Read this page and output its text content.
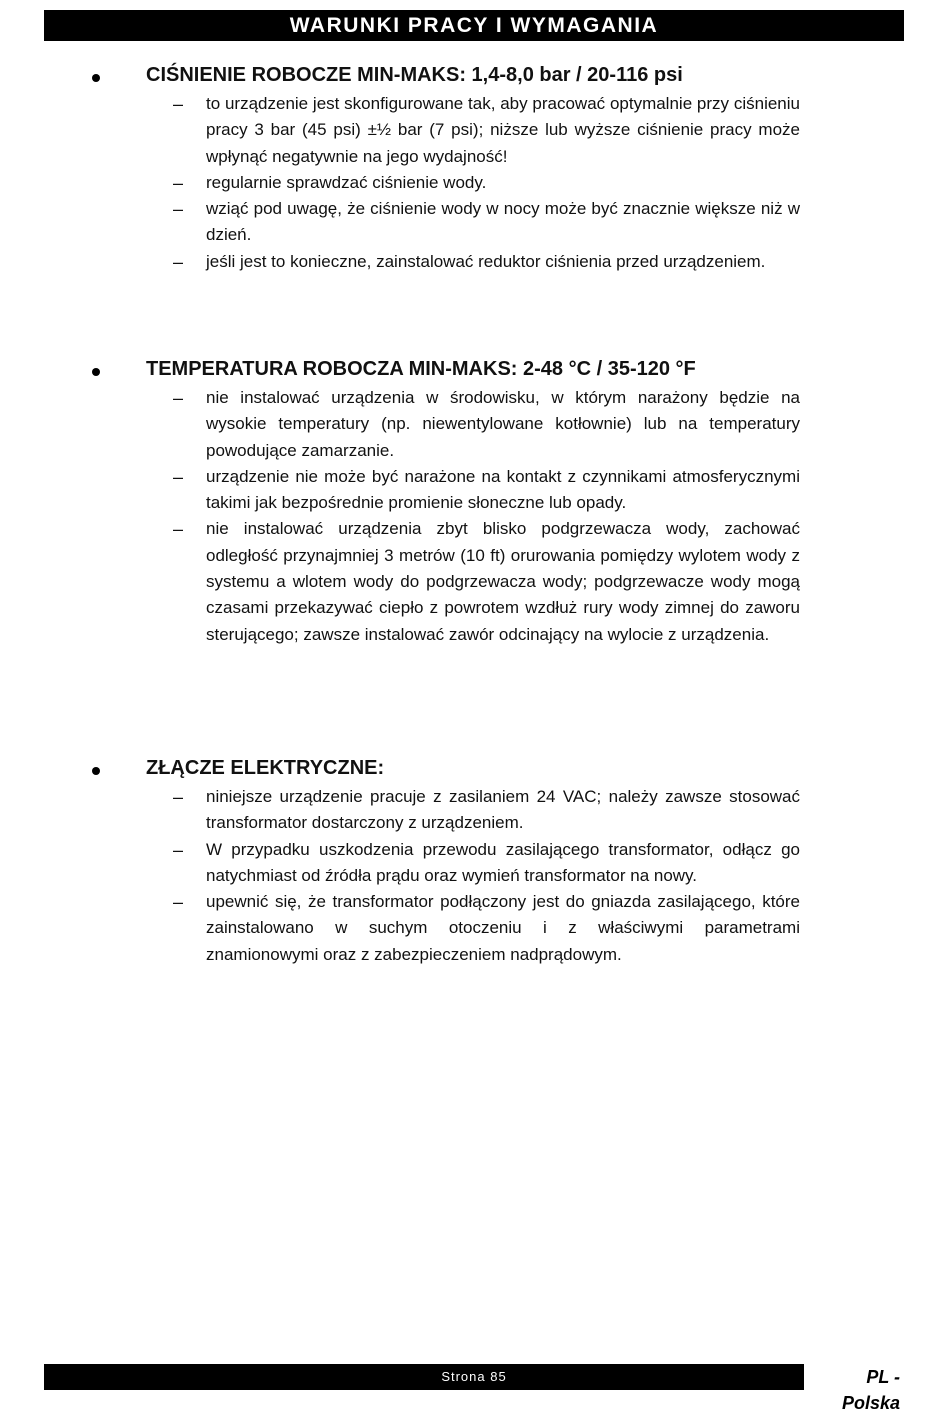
WARUNKI PRACY I WYMAGANIA
CIŚNIENIE ROBOCZE MIN-MAKS: 1,4-8,0 bar / 20-116 psi
– to urządzenie jest skonfigurowane tak, aby pracować optymalnie przy ciśnieniu pracy 3 bar (45 psi) ±½ bar (7 psi); niższe lub wyższe ciśnienie pracy może wpłynąć negatywnie na jego wydajność!
– regularnie sprawdzać ciśnienie wody.
– wziąć pod uwagę, że ciśnienie wody w nocy może być znacznie większe niż w dzień.
– jeśli jest to konieczne, zainstalować reduktor ciśnienia przed urządzeniem.
TEMPERATURA ROBOCZA MIN-MAKS: 2-48 °C / 35-120 °F
– nie instalować urządzenia w środowisku, w którym narażony będzie na wysokie temperatury (np. niewentylowane kotłownie) lub na temperatury powodujące zamarzanie.
– urządzenie nie może być narażone na kontakt z czynnikami atmosferycznymi takimi jak bezpośrednie promienie słoneczne lub opady.
– nie instalować urządzenia zbyt blisko podgrzewacza wody, zachować odległość przynajmniej 3 metrów (10 ft) orurowania pomiędzy wylotem wody z systemu a wlotem wody do podgrzewacza wody; podgrzewacze wody mogą czasami przekazywać ciepło z powrotem wzdłuż rury wody zimnej do zaworu sterującego; zawsze instalować zawór odcinający na wylocie z urządzenia.
ZŁĄCZE ELEKTRYCZNE:
– niniejsze urządzenie pracuje z zasilaniem 24 VAC; należy zawsze stosować transformator dostarczony z urządzeniem.
– W przypadku uszkodzenia przewodu zasilającego transformator, odłącz go natychmiast od źródła prądu oraz wymień transformator na nowy.
– upewnić się, że transformator podłączony jest do gniazda zasilającego, które zainstalowano w suchym otoczeniu i z właściwymi parametrami znamionowymi oraz z zabezpieczeniem nadprądowym.
Strona 85	PL - Polska
